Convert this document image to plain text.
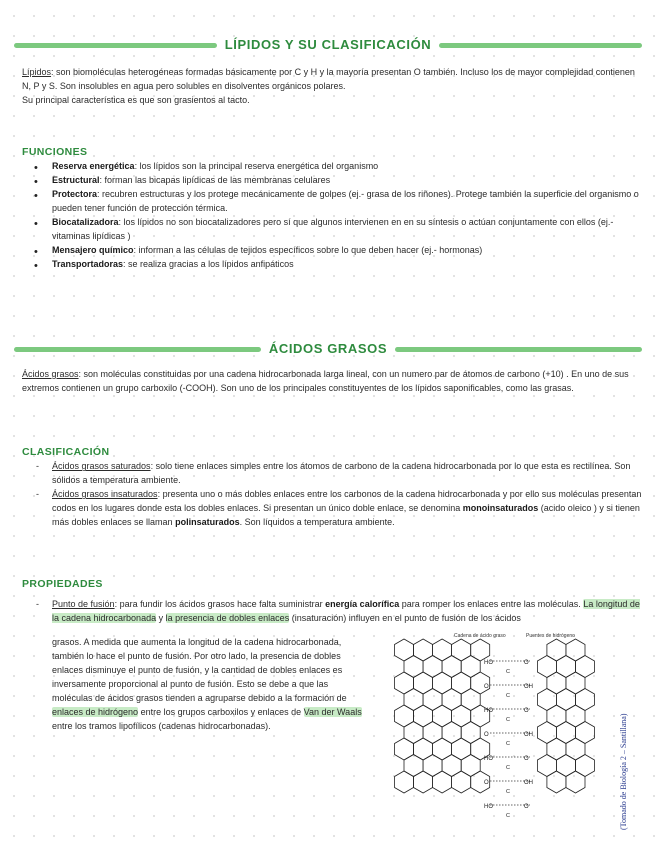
LÍPIDOS Y SU CLASIFICACIÓN

Lípidos: son biomoléculas heterogéneas formadas básicamente por C y H y la mayoría presentan O también. Incluso los de mayor complejidad contienen N, P y S. Son insolubles en agua pero solubles en disolventes orgánicos polares.

Su principal característica es que son grasientos al tacto.

FUNCIONES
• Reserva energética: los lípidos son la principal reserva energética del organismo
• Estructural: forman las bicapas lipídicas de las membranas celulares
• Protectora: recubren estructuras y los protege mecánicamente de golpes (ej.- grasa de los riñones). Protege también la superficie del organismo o pueden tener función de protección térmica.
• Biocatalizadora: los lípidos no son biocatalizadores pero sí que algunos intervienen en en su síntesis o actúan conjuntamente con ellos (ej.- vitaminas lipídicas )
• Mensajero químico: informan a las células de tejidos específicos sobre lo que deben hacer (ej.- hormonas)
• Transportadoras: se realiza gracias a los lípidos anfipáticos
ÁCIDOS GRASOS

Ácidos grasos: son moléculas constituidas por una cadena hidrocarbonada larga lineal, con un numero par de átomos de carbono (+10) . En uno de sus extremos contienen un grupo carboxilo (-COOH). Son uno de los principales constituyentes de los lípidos saponificables, como las grasas.

CLASIFICACIÓN
- Ácidos grasos saturados: solo tiene enlaces simples entre los átomos de carbono de la cadena hidrocarbonada por lo que esta es rectilínea. Son sólidos a temperatura ambiente.
- Ácidos grasos insaturados: presenta uno o más dobles enlaces entre los carbonos de la cadena hidrocarbonada y por ello sus moléculas presentan codos en los lugares donde esta los dobles enlaces. Si presentan un único doble enlace, se denomina monoinsaturados (acido oleico ) y si tienen más dobles enlaces se llaman polinsaturados. Son líquidos a temperatura ambiente.
PROPIEDADES
- Punto de fusión: para fundir los ácidos grasos hace falta suministrar energía calorífica para romper los enlaces entre las moléculas. La longitud de la cadena hidrocarbonada y la presencia de dobles enlaces (insaturación) influyen en el punto de fusión de los ácidos

grasos. A medida que aumenta la longitud de la cadena hidrocarbonada, también lo hace el punto de fusión. Por otro lado, la presencia de dobles enlaces disminuye el punto de fusión, y la cantidad de dobles enlaces es inversamente proporcional al punto de fusión. Esto se debe a que las moléculas de ácidos grasos tienden a agruparse debido a la formación de enlaces de hidrógeno entre los grupos carboxilos y enlaces de Van der Waals entre los tramos lipofílicos (cadenas hidrocarbonadas).

HO	O
C
O	OH
C
HO	O
C
O	OH
C
HO	O
C
O	OH
C
HO	O
C
Cadena de ácido graso	Puentes de hidrógeno
(Tomado de Biología 2 – Santillana)
